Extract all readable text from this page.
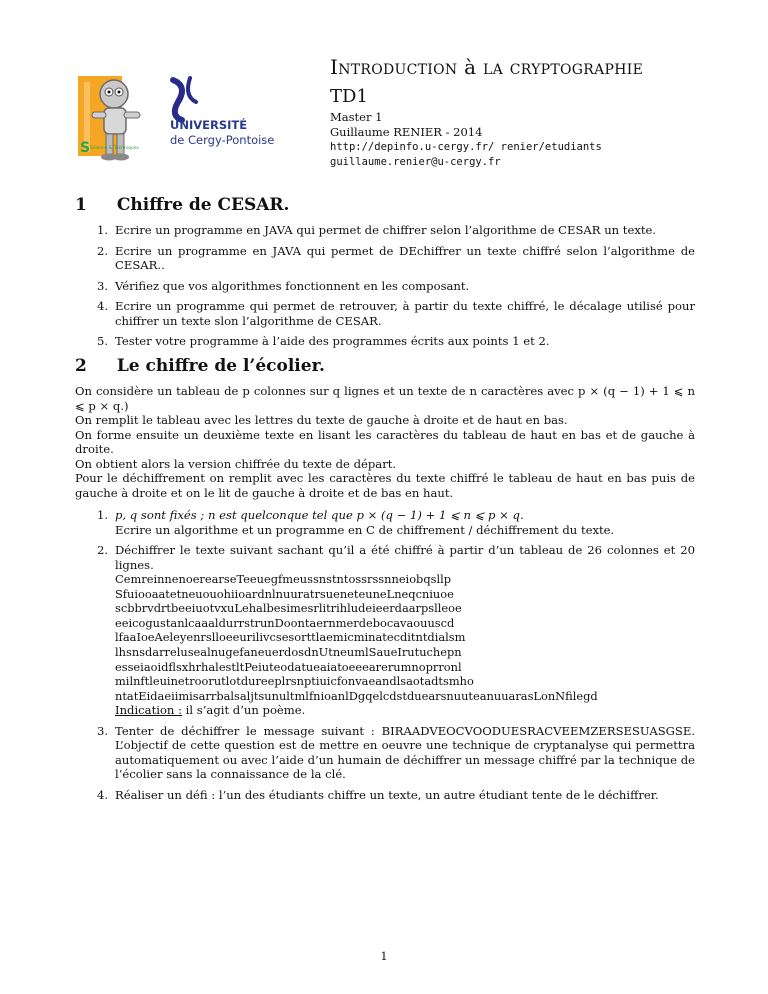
S
UNIVERSITÉ
de Cergy-Pontoise
Science & Techniques
Introduction à la cryptographie
TD1
Master 1
Guillaume RENIER - 2014
http://depinfo.u-cergy.fr/ renier/etudiants
guillaume.renier@u-cergy.fr
1 Chiffre de CESAR.
1. Ecrire un programme en JAVA qui permet de chiffrer selon l’algorithme de CESAR un texte.
2. Ecrire un programme en JAVA qui permet de DEchiffrer un texte chiffré selon l’algorithme de CESAR..
3. Vérifiez que vos algorithmes fonctionnent en les composant.
4. Ecrire un programme qui permet de retrouver, à partir du texte chiffré, le décalage utilisé pour chiffrer un texte slon l’algorithme de CESAR.
5. Tester votre programme à l’aide des programmes écrits aux points 1 et 2.
2 Le chiffre de l’écolier.

On considère un tableau de p colonnes sur q lignes et un texte de n caractères avec p × (q − 1) + 1 ⩽ n ⩽ p × q.)

On remplit le tableau avec les lettres du texte de gauche à droite et de haut en bas.

On forme ensuite un deuxième texte en lisant les caractères du tableau de haut en bas et de gauche à droite.

On obtient alors la version chiffrée du texte de départ.

Pour le déchiffrement on remplit avec les caractères du texte chiffré le tableau de haut en bas puis de gauche à droite et on le lit de gauche à droite et de bas en haut.

1. p, q sont fixés ; n est quelconque tel que p × (q − 1) + 1 ⩽ n ⩽ p × q.
Ecrire un algorithme et un programme en C de chiffrement / déchiffrement du texte.
2. Déchiffrer le texte suivant sachant qu’il a été chiffré à partir d’un tableau de 26 colonnes et 20 lignes.
CemreinnenoerearseTeeuegfmeussnstntossrssnneiobqsllp
SfuiooaatetneuouohiioardnlnuuratrsueneteuneLneqcniuoe
scbbrvdrtbeeiuotvxuLehalbesimesrlitrihludeieerdaarpslleoe
eeicogustanlcaaaldurrstrunDoontaernmerdebocavaouuscd
lfaaIoeAeleyenrslloeeurilivcsesorttlaemicminatecditntdialsm
lhsnsdarrelusealnugefaneuerdosdnUtneumlSaueIrutuchepn
esseiaoidflsxhrhalestltPeiuteodatueaiatoeeearerumnoprronl
milnftleuinetroorutlotdureeplrsnptiuicfonvaeandlsaotadtsmho
ntatEidaeiimisarrbalsaljtsunultmlfnioanlDgqelcdstduearsnuuteanuuarasLonNfilegd
Indication : il s’agit d’un poème.
3. Tenter de déchiffrer le message suivant : BIRAADVEOCVOODUESRACVEEMZERSESUASGSE. L’objectif de cette question est de mettre en oeuvre une technique de cryptanalyse qui permettra automatiquement ou avec l’aide d’un humain de déchiffrer un message chiffré par la technique de l’écolier sans la connaissance de la clé.
4. Réaliser un défi : l’un des étudiants chiffre un texte, un autre étudiant tente de le déchiffrer.
1
